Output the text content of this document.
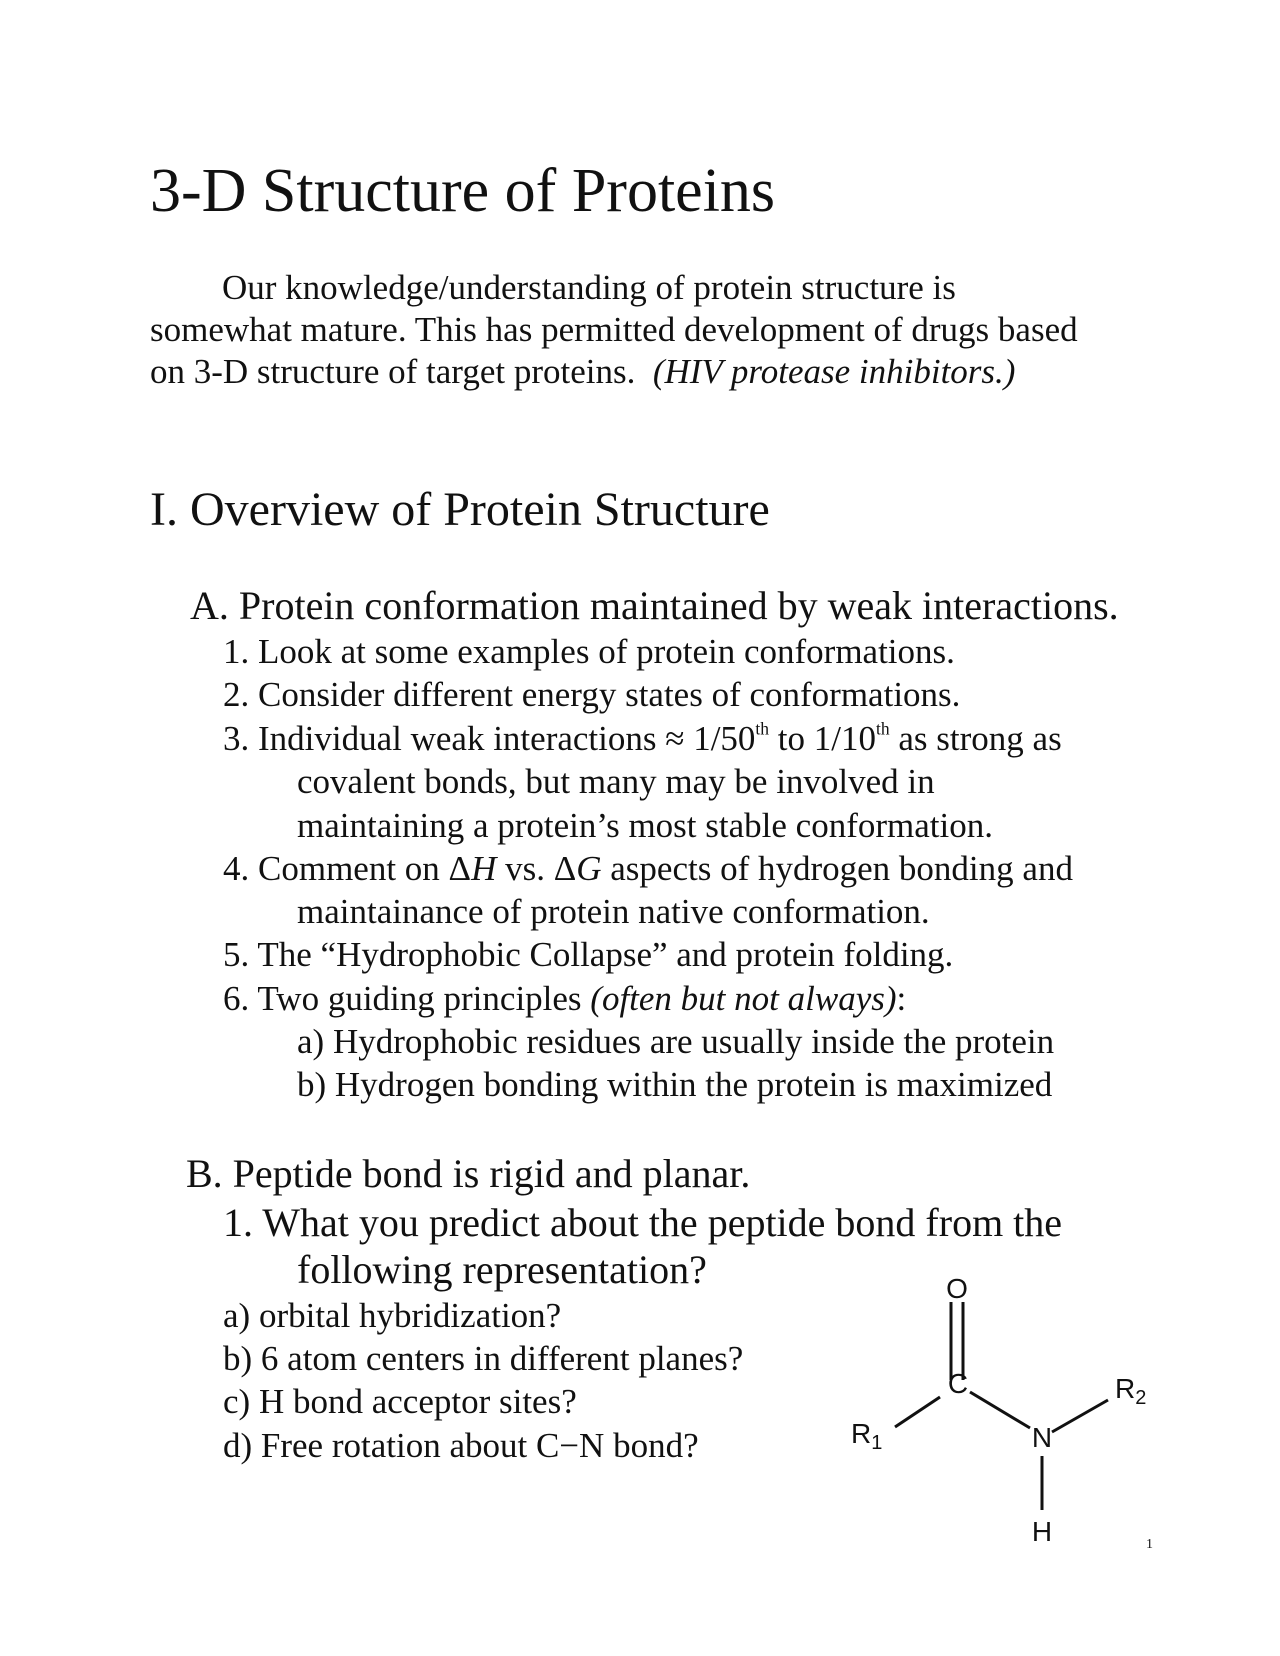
3-D Structure of Proteins
Our knowledge/understanding of protein structure is
somewhat mature. This has permitted development of drugs based
on 3-D structure of target proteins. (HIV protease inhibitors.)
I. Overview of Protein Structure
A. Protein conformation maintained by weak interactions.
1. Look at some examples of protein conformations.
2. Consider different energy states of conformations.
3. Individual weak interactions ≈ 1/50th to 1/10th as strong as
covalent bonds, but many may be involved in
maintaining a protein’s most stable conformation.
4. Comment on ΔH vs. ΔG aspects of hydrogen bonding and
maintainance of protein native conformation.
5. The “Hydrophobic Collapse” and protein folding.
6. Two guiding principles (often but not always):
a) Hydrophobic residues are usually inside the protein
b) Hydrogen bonding within the protein is maximized
B. Peptide bond is rigid and planar.
1. What you predict about the peptide bond from the
following representation?
a) orbital hybridization?
b) 6 atom centers in different planes?
c) H bond acceptor sites?
d) Free rotation about C−N bond?
O
C
N
H
$R_1$
$R_2$
1
